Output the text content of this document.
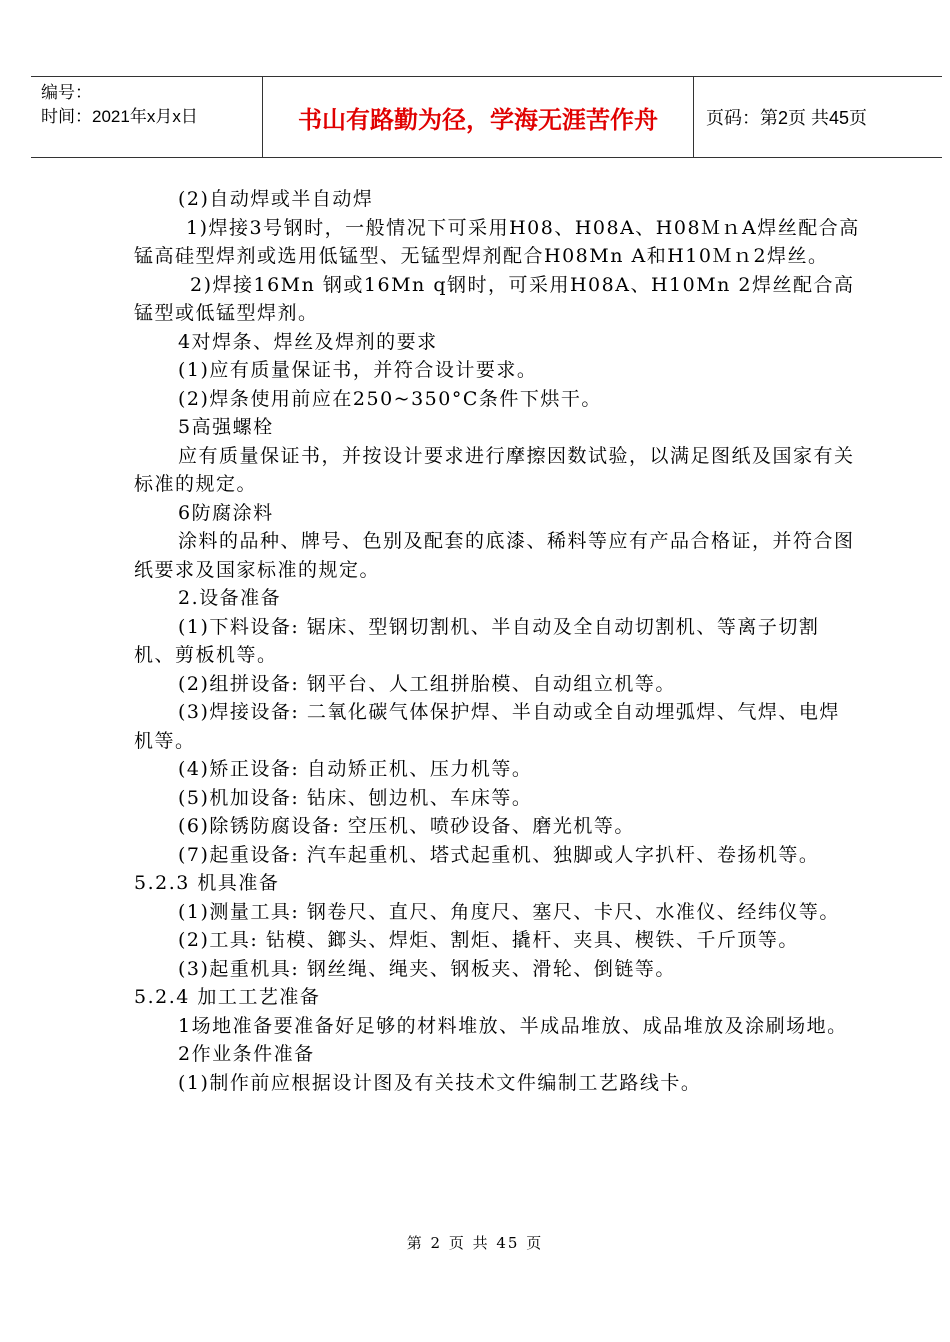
编号：
时间：2021年x月x日	书山有路勤为径，学海无涯苦作舟	页码：第2页 共45页

(2)自动焊或半自动焊

1)焊接3号钢时，一般情况下可采用H08、H08A、H08ＭｎA焊丝配合高锰高硅型焊剂或选用低锰型、无锰型焊剂配合H08Mn A和H10Ｍｎ2焊丝。

2)焊接16Mn 钢或16Mn q钢时，可采用H08A、H10Mn 2焊丝配合高锰型或低锰型焊剂。

4对焊条、焊丝及焊剂的要求

(1)应有质量保证书，并符合设计要求。

(2)焊条使用前应在250~350°C条件下烘干。

5高强螺栓

应有质量保证书，并按设计要求进行摩擦因数试验，以满足图纸及国家有关标准的规定。

6防腐涂料

涂料的品种、牌号、色别及配套的底漆、稀料等应有产品合格证，并符合图纸要求及国家标准的规定。

2.设备准备

(1)下料设备: 锯床、型钢切割机、半自动及全自动切割机、等离子切割机、剪板机等。

(2)组拼设备: 钢平台、人工组拼胎模、自动组立机等。

(3)焊接设备: 二氧化碳气体保护焊、半自动或全自动埋弧焊、气焊、电焊机等。

(4)矫正设备: 自动矫正机、压力机等。

(5)机加设备: 钻床、刨边机、车床等。

(6)除锈防腐设备: 空压机、喷砂设备、磨光机等。

(7)起重设备: 汽车起重机、塔式起重机、独脚或人字扒杆、卷扬机等。

5.2.3 机具准备

(1)测量工具: 钢卷尺、直尺、角度尺、塞尺、卡尺、水准仪、经纬仪等。

(2)工具: 钻模、鎯头、焊炬、割炬、撬杆、夹具、楔铁、千斤顶等。

(3)起重机具: 钢丝绳、绳夹、钢板夹、滑轮、倒链等。

5.2.4 加工工艺准备

1场地准备要准备好足够的材料堆放、半成品堆放、成品堆放及涂刷场地。

2作业条件准备

(1)制作前应根据设计图及有关技术文件编制工艺路线卡。

第 2 页 共 45 页
